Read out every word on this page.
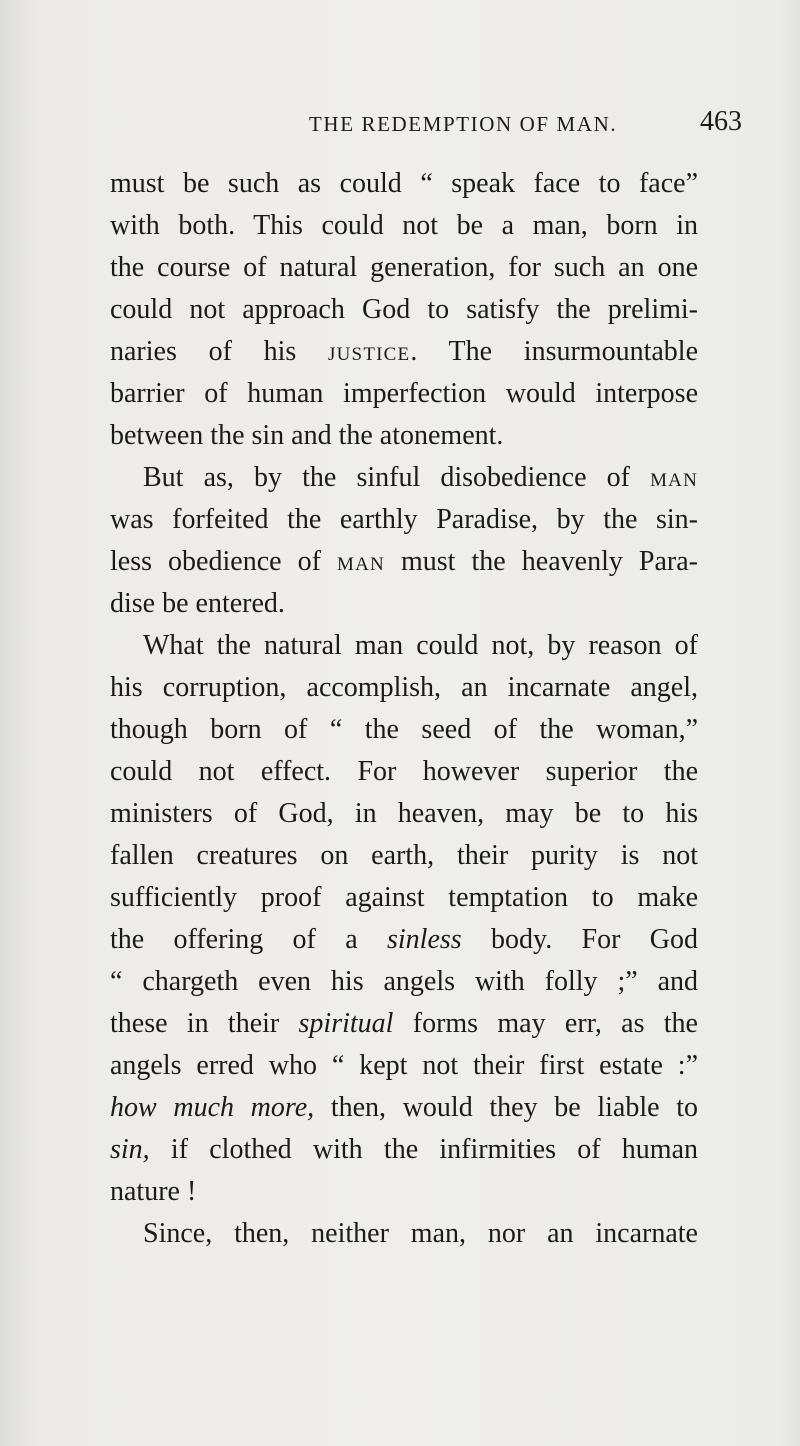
THE REDEMPTION OF MAN.	463
must be such as could “ speak face to face”
with both. This could not be a man, born in
the course of natural generation, for such an one
could not approach God to satisfy the prelimi-
naries of his JUSTICE. The insurmountable
barrier of human imperfection would interpose
between the sin and the atonement.
But as, by the sinful disobedience of MAN
was forfeited the earthly Paradise, by the sin-
less obedience of MAN must the heavenly Para-
dise be entered.
What the natural man could not, by reason of
his corruption, accomplish, an incarnate angel,
though born of “ the seed of the woman,”
could not effect. For however superior the
ministers of God, in heaven, may be to his
fallen creatures on earth, their purity is not
sufficiently proof against temptation to make
the offering of a sinless body. For God
“ chargeth even his angels with folly ;” and
these in their spiritual forms may err, as the
angels erred who “ kept not their first estate :”
how much more, then, would they be liable to
sin, if clothed with the infirmities of human
nature !
Since, then, neither man, nor an incarnate
